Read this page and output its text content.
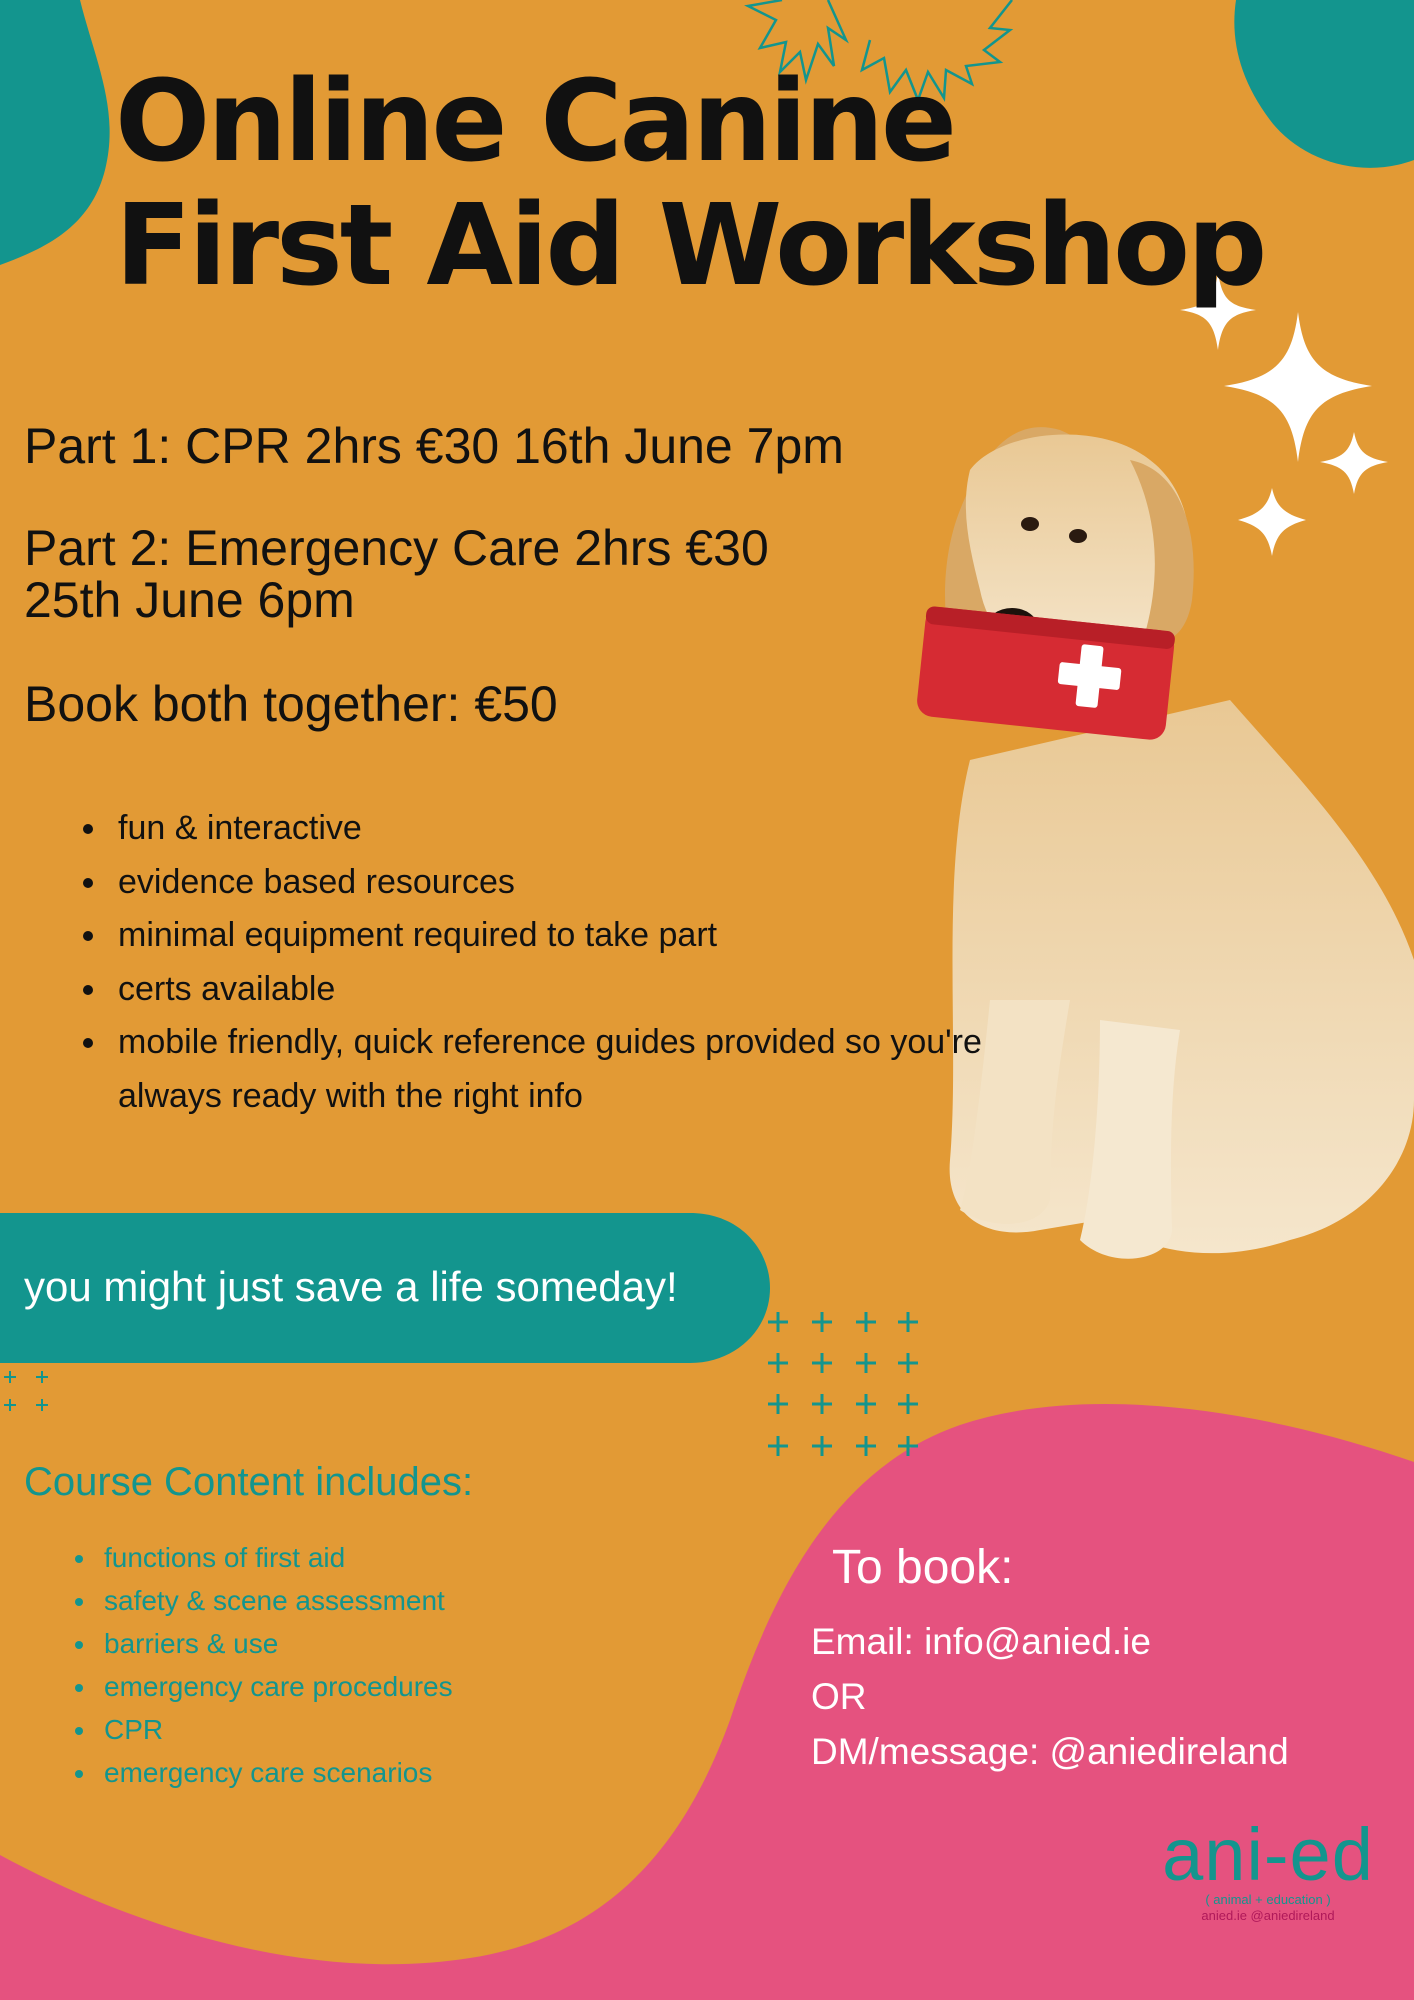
Online Canine
First Aid Workshop

Part 1: CPR 2hrs €30 16th June 7pm

Part 2: Emergency Care 2hrs €30

25th June 6pm

Book both together: €50

• fun & interactive
• evidence based resources
• minimal equipment required to take part
• certs available
• mobile friendly, quick reference guides provided so you're always ready with the right info

you might just save a life someday!

Course Content includes:
• functions of first aid
• safety & scene assessment
• barriers & use
• emergency care procedures
• CPR
• emergency care scenarios
To book:

Email: info@anied.ie

OR

DM/message: @aniedireland

ani-ed
( animal + education )
anied.ie @aniedireland
